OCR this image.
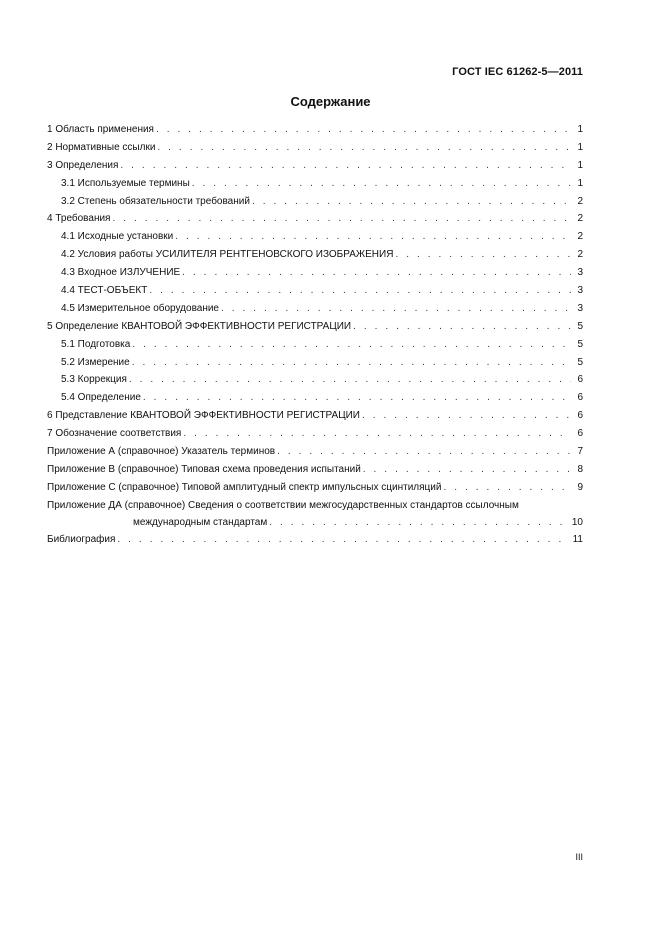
ГОСТ IEC 61262-5—2011
Содержание
1 Область применения . . .	1
2 Нормативные ссылки . . .	1
3 Определения . . .	1
3.1 Используемые термины . . .	1
3.2 Степень обязательности требований . . .	2
4 Требования . . .	2
4.1 Исходные установки . . .	2
4.2 Условия работы УСИЛИТЕЛЯ РЕНТГЕНОВСКОГО ИЗОБРАЖЕНИЯ . . .	2
4.3 Входное ИЗЛУЧЕНИЕ . . .	3
4.4 ТЕСТ-ОБЪЕКТ . . .	3
4.5 Измерительное оборудование . . .	3
5 Определение КВАНТОВОЙ ЭФФЕКТИВНОСТИ РЕГИСТРАЦИИ . . .	5
5.1 Подготовка . . .	5
5.2 Измерение . . .	5
5.3 Коррекция . . .	6
5.4 Определение . . .	6
6 Представление КВАНТОВОЙ ЭФФЕКТИВНОСТИ РЕГИСТРАЦИИ . . .	6
7 Обозначение соответствия . . .	6
Приложение А (справочное) Указатель терминов . . .	7
Приложение В (справочное) Типовая схема проведения испытаний . . .	8
Приложение С (справочное) Типовой амплитудный спектр импульсных сцинтиляций . . .	9
Приложение ДА (справочное) Сведения о соответствии межгосударственных стандартов ссылочным
международным стандартам . . .	10
Библиография . . .	11
III
